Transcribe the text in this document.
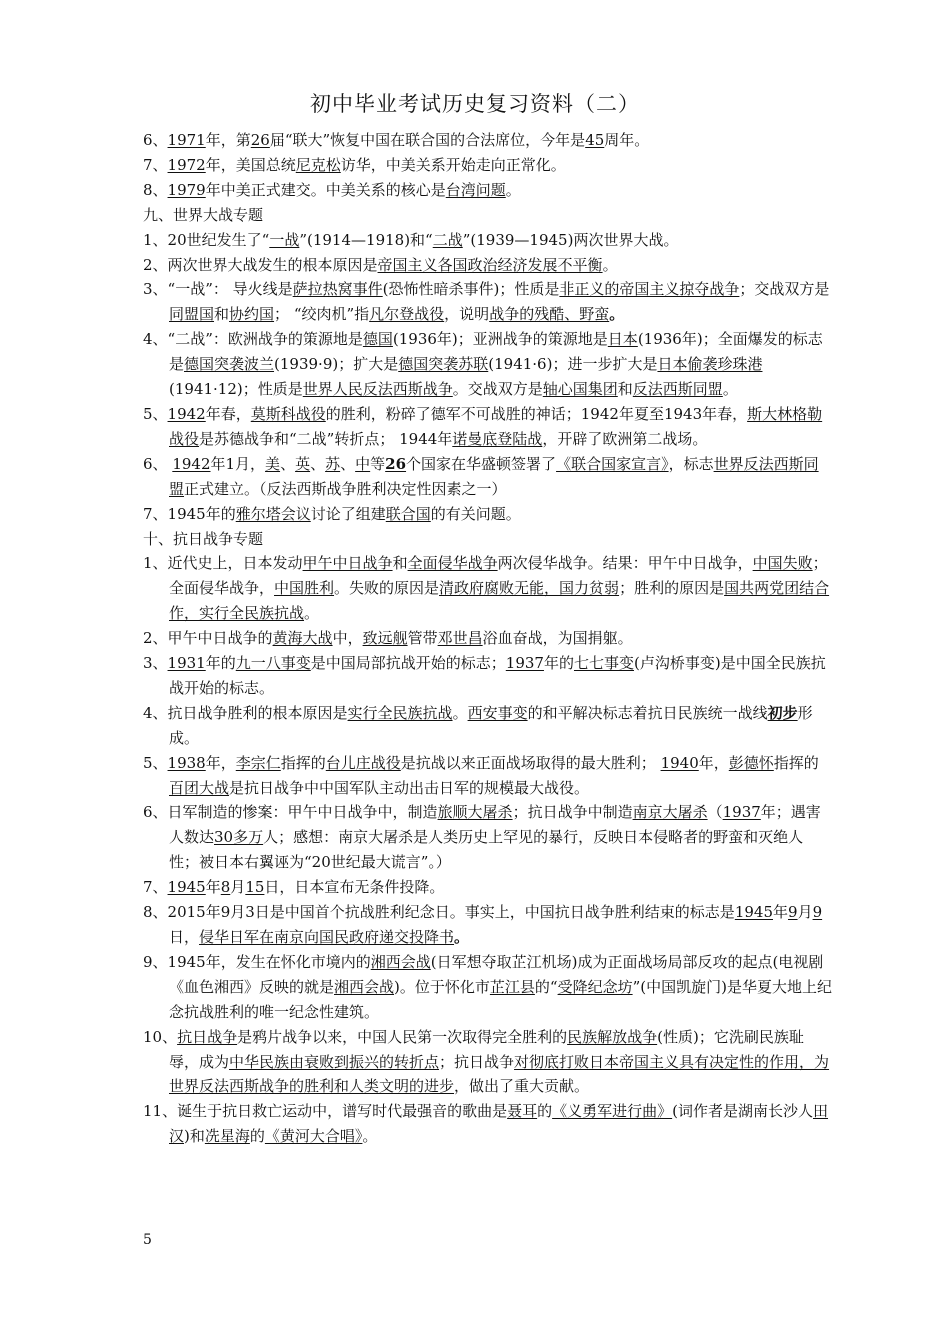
初中毕业考试历史复习资料（二）

6、1971年，第26届“联大”恢复中国在联合国的合法席位，今年是45周年。

7、1972年，美国总统尼克松访华，中美关系开始走向正常化。

8、1979年中美正式建交。中美关系的核心是台湾问题。

九、世界大战专题

1、20世纪发生了“一战”(1914—1918)和“二战”(1939—1945)两次世界大战。

2、两次世界大战发生的根本原因是帝国主义各国政治经济发展不平衡。

3、“一战”： 导火线是萨拉热窝事件(恐怖性暗杀事件)；性质是非正义的帝国主义掠夺战争；交战双方是同盟国和协约国； “绞肉机”指凡尔登战役，说明战争的残酷、野蛮。

4、“二战”：欧洲战争的策源地是德国(1936年)；亚洲战争的策源地是日本(1936年)；全面爆发的标志是德国突袭波兰(1939·9)；扩大是德国突袭苏联(1941·6)；进一步扩大是日本偷袭珍珠港(1941·12)；性质是世界人民反法西斯战争。交战双方是轴心国集团和反法西斯同盟。

5、1942年春，莫斯科战役的胜利，粉碎了德军不可战胜的神话；1942年夏至1943年春，斯大林格勒战役是苏德战争和“二战”转折点； 1944年诺曼底登陆战，开辟了欧洲第二战场。

6、 1942年1月，美、英、苏、中等26个国家在华盛顿签署了《联合国家宣言》，标志世界反法西斯同盟正式建立。（反法西斯战争胜利决定性因素之一）

7、1945年的雅尔塔会议讨论了组建联合国的有关问题。

十、抗日战争专题

1、近代史上，日本发动甲午中日战争和全面侵华战争两次侵华战争。结果：甲午中日战争，中国失败；全面侵华战争，中国胜利。失败的原因是清政府腐败无能，国力贫弱；胜利的原因是国共两党团结合作，实行全民族抗战。

2、甲午中日战争的黄海大战中，致远舰管带邓世昌浴血奋战，为国捐躯。

3、1931年的九一八事变是中国局部抗战开始的标志；1937年的七七事变(卢沟桥事变)是中国全民族抗战开始的标志。

4、抗日战争胜利的根本原因是实行全民族抗战。西安事变的和平解决标志着抗日民族统一战线初步形成。

5、1938年，李宗仁指挥的台儿庄战役是抗战以来正面战场取得的最大胜利； 1940年，彭德怀指挥的百团大战是抗日战争中中国军队主动出击日军的规模最大战役。

6、日军制造的惨案：甲午中日战争中，制造旅顺大屠杀；抗日战争中制造南京大屠杀（1937年；遇害人数达30多万人；感想：南京大屠杀是人类历史上罕见的暴行，反映日本侵略者的野蛮和灭绝人性；被日本右翼诬为“20世纪最大谎言”。）

7、1945年8月15日，日本宣布无条件投降。

8、2015年9月3日是中国首个抗战胜利纪念日。事实上，中国抗日战争胜利结束的标志是1945年9月9日，侵华日军在南京向国民政府递交投降书。

9、1945年，发生在怀化市境内的湘西会战(日军想夺取芷江机场)成为正面战场局部反攻的起点(电视剧《血色湘西》反映的就是湘西会战)。位于怀化市芷江县的“受降纪念坊”(中国凯旋门)是华夏大地上纪念抗战胜利的唯一纪念性建筑。

10、抗日战争是鸦片战争以来，中国人民第一次取得完全胜利的民族解放战争(性质)；它洗刷民族耻辱，成为中华民族由衰败到振兴的转折点；抗日战争对彻底打败日本帝国主义具有决定性的作用，为世界反法西斯战争的胜利和人类文明的进步，做出了重大贡献。

11、诞生于抗日救亡运动中，谱写时代最强音的歌曲是聂耳的《义勇军进行曲》(词作者是湖南长沙人田汉)和冼星海的《黄河大合唱》。

5
